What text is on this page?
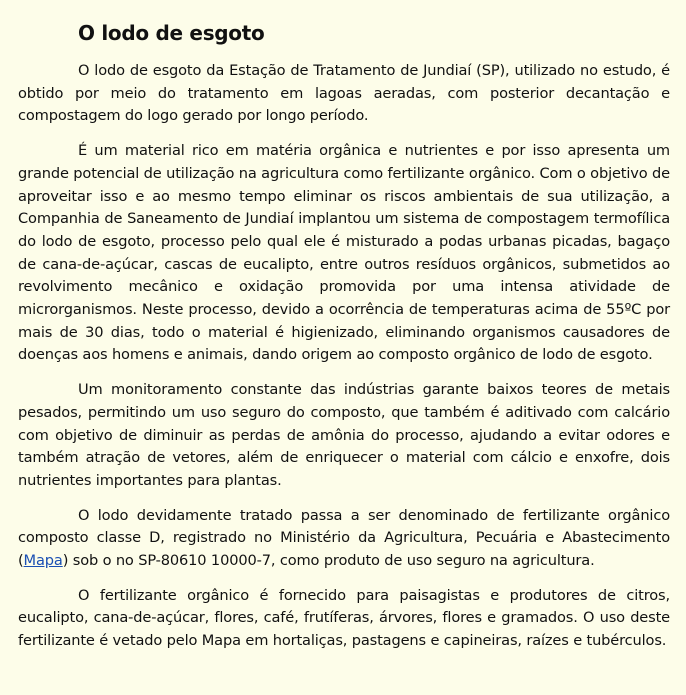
O lodo de esgoto

O lodo de esgoto da Estação de Tratamento de Jundiaí (SP), utilizado no estudo, é obtido por meio do tratamento em lagoas aeradas, com posterior decantação e compostagem do logo gerado por longo período.

É um material rico em matéria orgânica e nutrientes e por isso apresenta um grande potencial de utilização na agricultura como fertilizante orgânico. Com o objetivo de aproveitar isso e ao mesmo tempo eliminar os riscos ambientais de sua utilização, a Companhia de Saneamento de Jundiaí implantou um sistema de compostagem termofílica do lodo de esgoto, processo pelo qual ele é misturado a podas urbanas picadas, bagaço de cana-de-açúcar, cascas de eucalipto, entre outros resíduos orgânicos, submetidos ao revolvimento mecânico e oxidação promovida por uma intensa atividade de microrganismos. Neste processo, devido a ocorrência de temperaturas acima de 55ºC por mais de 30 dias, todo o material é higienizado, eliminando organismos causadores de doenças aos homens e animais, dando origem ao composto orgânico de lodo de esgoto.

Um monitoramento constante das indústrias garante baixos teores de metais pesados, permitindo um uso seguro do composto, que também é aditivado com calcário com objetivo de diminuir as perdas de amônia do processo, ajudando a evitar odores e também atração de vetores, além de enriquecer o material com cálcio e enxofre, dois nutrientes importantes para plantas.

O lodo devidamente tratado passa a ser denominado de fertilizante orgânico composto classe D, registrado no Ministério da Agricultura, Pecuária e Abastecimento (Mapa) sob o no SP-80610 10000-7, como produto de uso seguro na agricultura.

O fertilizante orgânico é fornecido para paisagistas e produtores de citros, eucalipto, cana-de-açúcar, flores, café, frutíferas, árvores, flores e gramados. O uso deste fertilizante é vetado pelo Mapa em hortaliças, pastagens e capineiras, raízes e tubérculos.
